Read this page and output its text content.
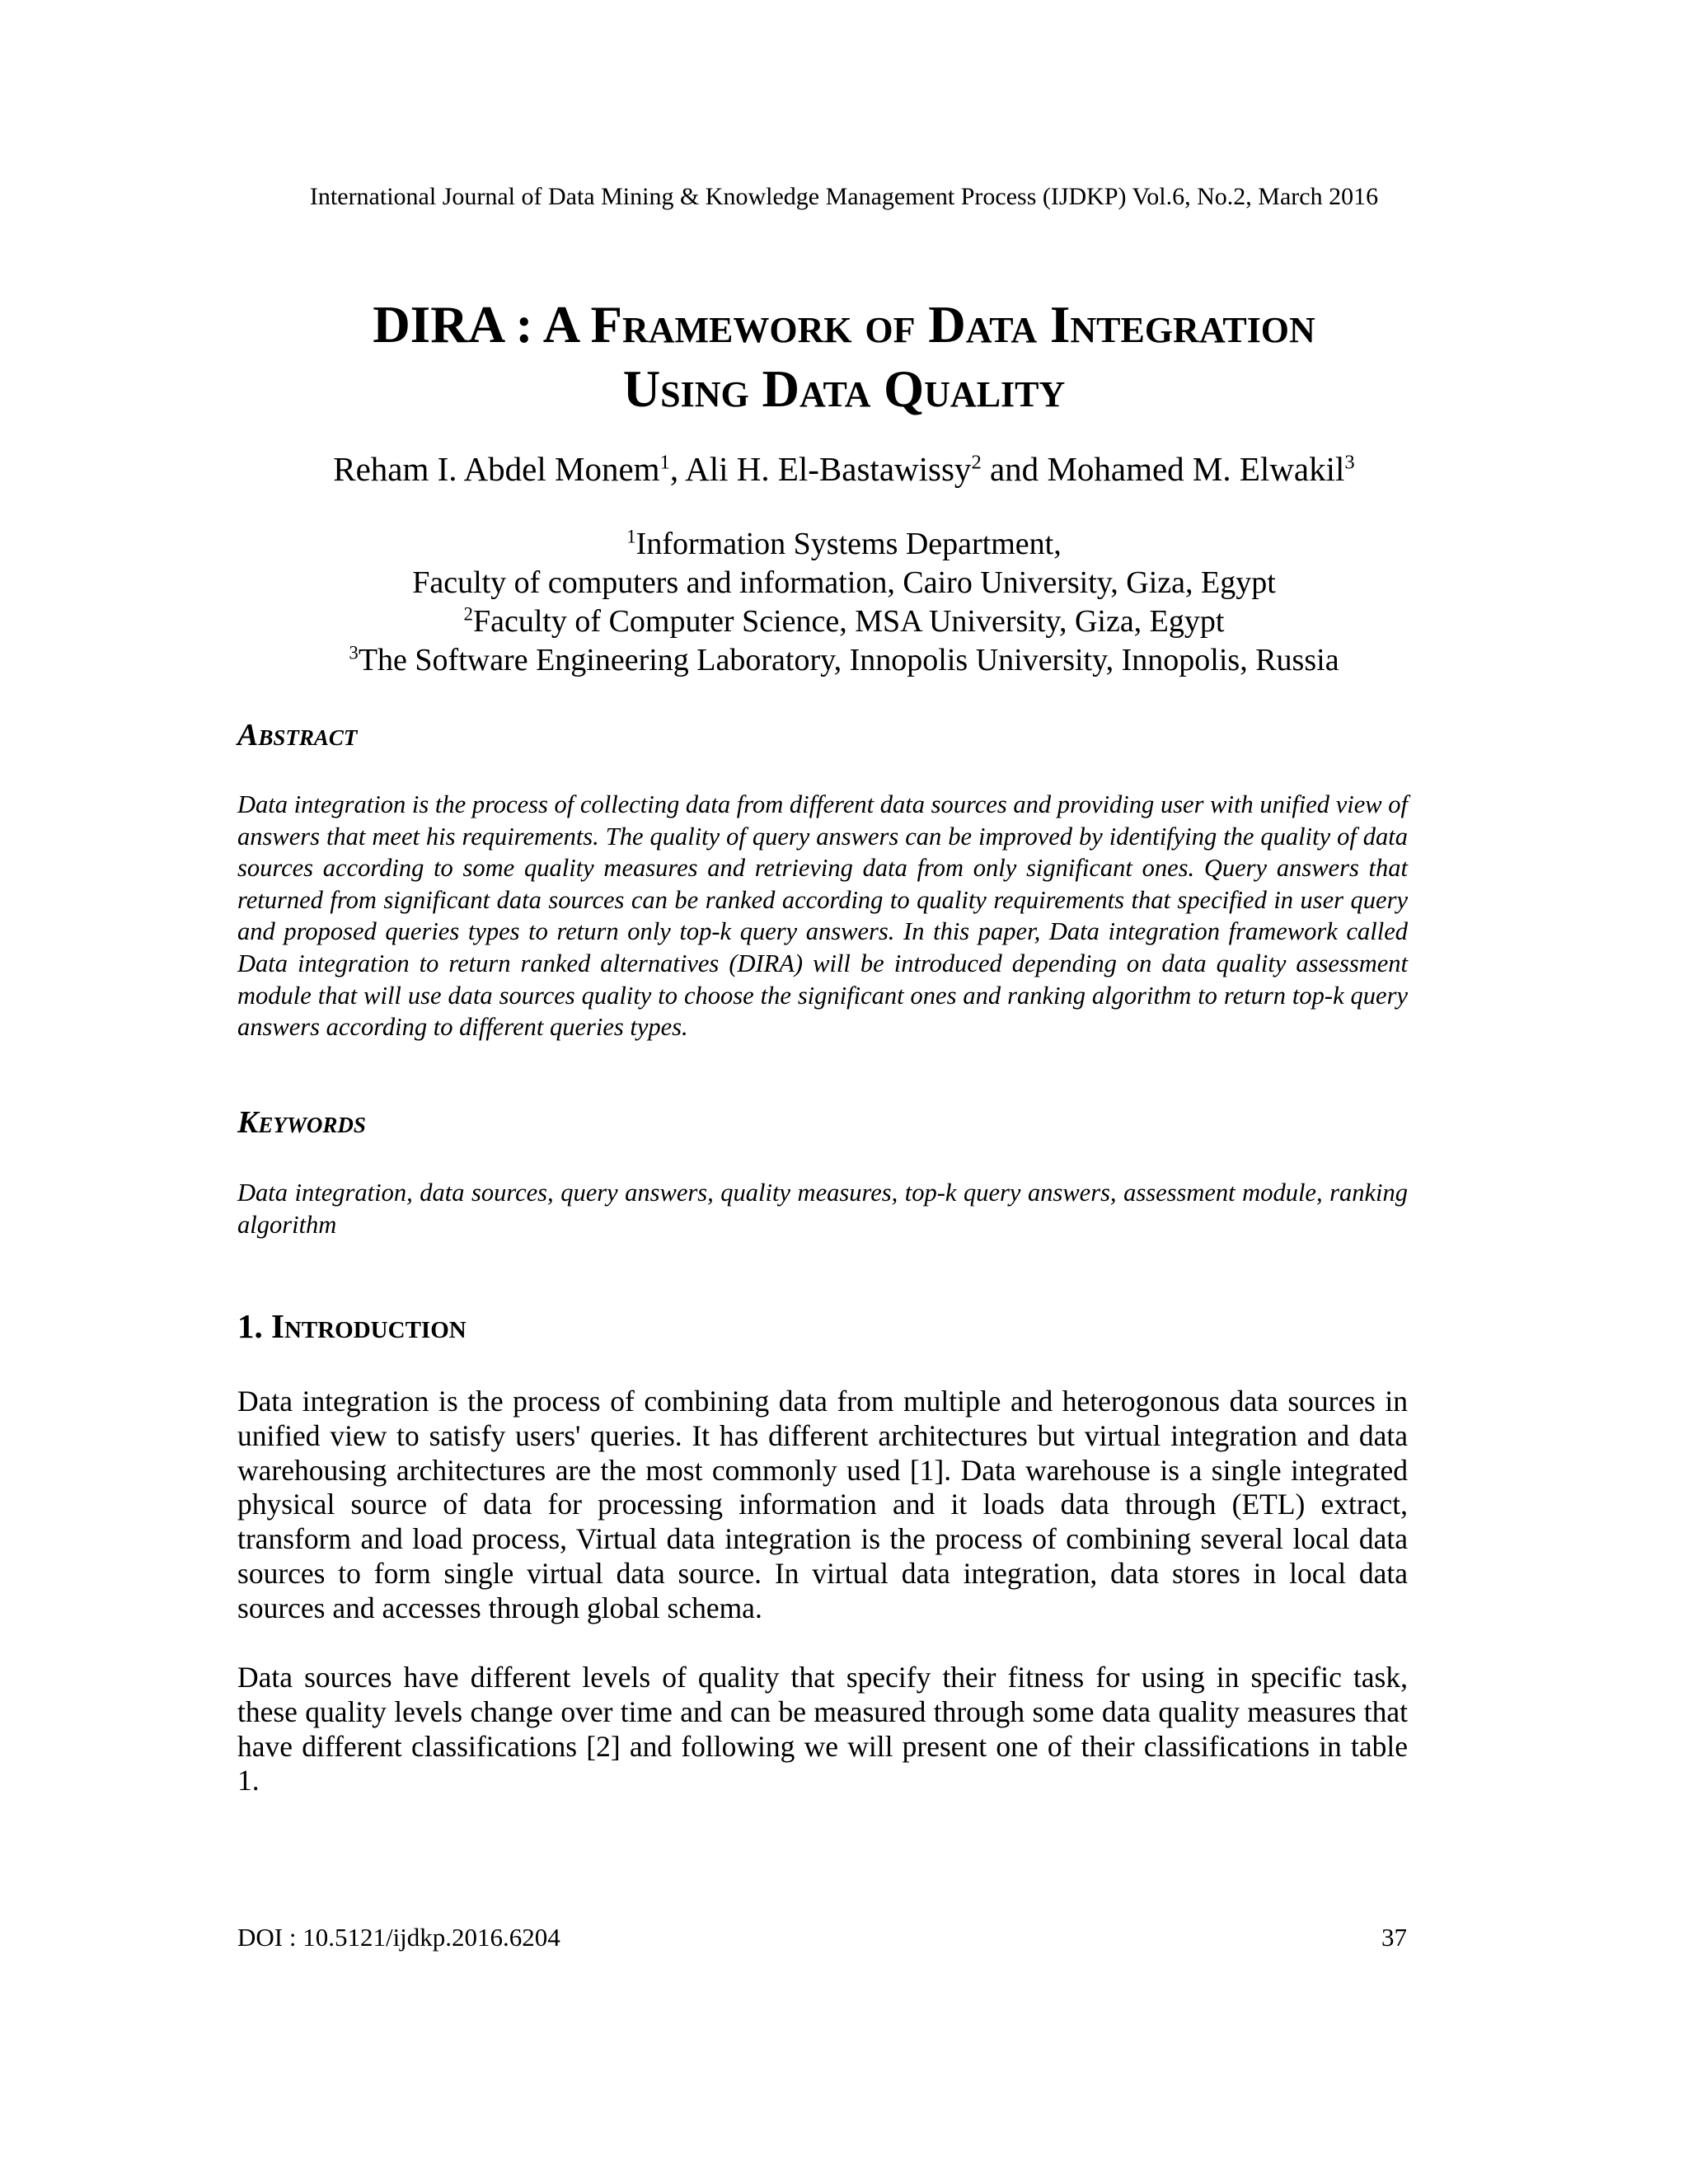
International Journal of Data Mining & Knowledge Management Process (IJDKP) Vol.6, No.2, March 2016
DIRA : A Framework of Data Integration
Using Data Quality
Reham I. Abdel Monem$^1$, Ali H. El-Bastawissy$^2$ and Mohamed M. Elwakil$^3$
$^1$Information Systems Department,
Faculty of computers and information, Cairo University, Giza, Egypt
$^2$Faculty of Computer Science, MSA University, Giza, Egypt
$^3$The Software Engineering Laboratory, Innopolis University, Innopolis, Russia
Abstract
Data integration is the process of collecting data from different data sources and providing user with unified view of answers that meet his requirements. The quality of query answers can be improved by identifying the quality of data sources according to some quality measures and retrieving data from only significant ones. Query answers that returned from significant data sources can be ranked according to quality requirements that specified in user query and proposed queries types to return only top-k query answers. In this paper, Data integration framework called Data integration to return ranked alternatives (DIRA) will be introduced depending on data quality assessment module that will use data sources quality to choose the significant ones and ranking algorithm to return top-k query answers according to different queries types.
Keywords
Data integration, data sources, query answers, quality measures, top-k query answers, assessment module, ranking algorithm
1. Introduction
Data integration is the process of combining data from multiple and heterogonous data sources in unified view to satisfy users' queries. It has different architectures but virtual integration and data warehousing architectures are the most commonly used [1]. Data warehouse is a single integrated physical source of data for processing information and it loads data through (ETL) extract, transform and load process, Virtual data integration is the process of combining several local data sources to form single virtual data source. In virtual data integration, data stores in local data sources and accesses through global schema.
Data sources have different levels of quality that specify their fitness for using in specific task, these quality levels change over time and can be measured through some data quality measures that have different classifications [2] and following we will present one of their classifications in table 1.
DOI : 10.5121/ijdkp.2016.6204	37
